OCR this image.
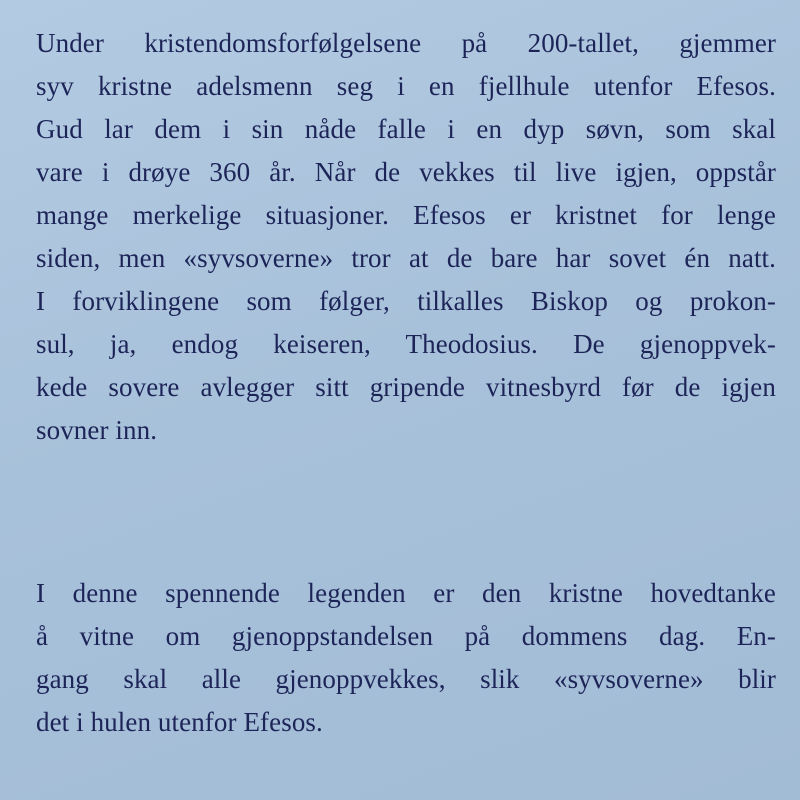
Under kristendomsforfølgelsene på 200-tallet, gjemmer
syv kristne adelsmenn seg i en fjellhule utenfor Efesos.
Gud lar dem i sin nåde falle i en dyp søvn, som skal
vare i drøye 360 år. Når de vekkes til live igjen, oppstår
mange merkelige situasjoner. Efesos er kristnet for lenge
siden, men «syvsoverne» tror at de bare har sovet én natt.
I forviklingene som følger, tilkalles Biskop og prokon-
sul, ja, endog keiseren, Theodosius. De gjenoppvek-
kede sovere avlegger sitt gripende vitnesbyrd før de igjen
sovner inn.
I denne spennende legenden er den kristne hovedtanke
å vitne om gjenoppstandelsen på dommens dag. En-
gang skal alle gjenoppvekkes, slik «syvsoverne» blir
det i hulen utenfor Efesos.
